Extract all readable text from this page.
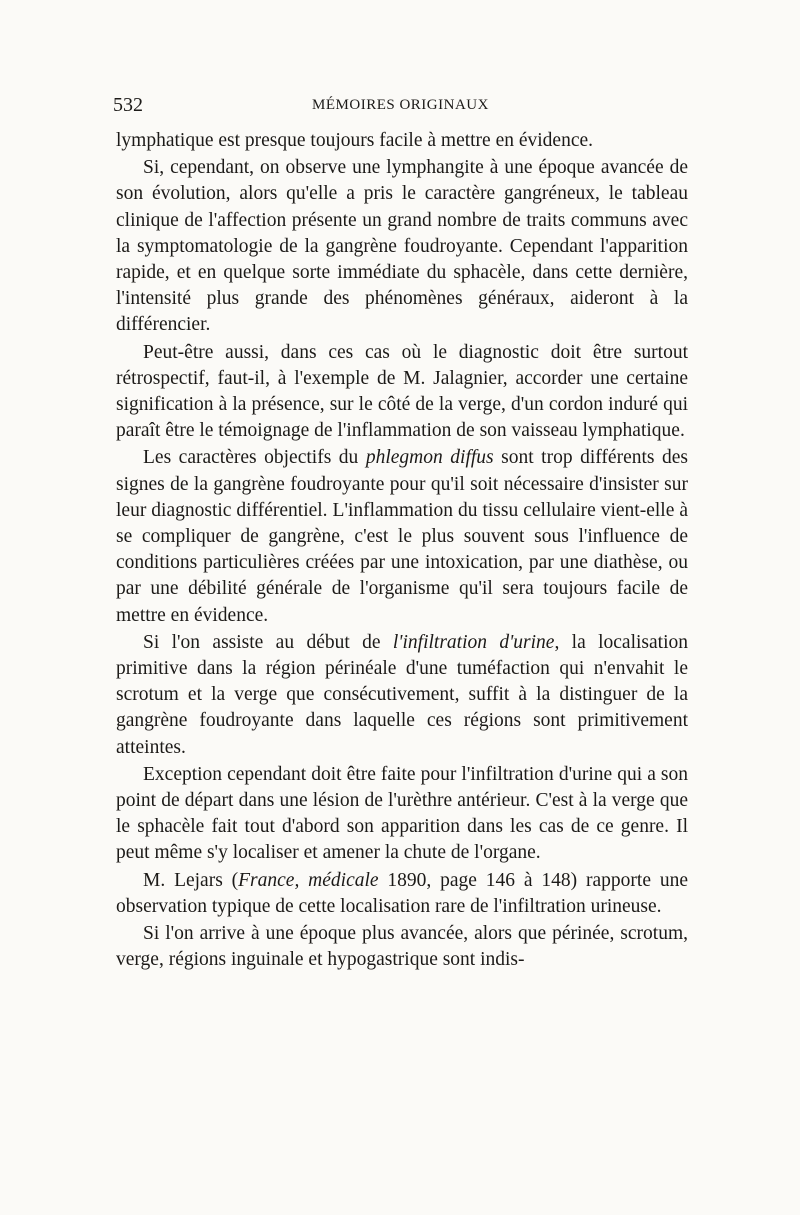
532	MÉMOIRES ORIGINAUX

lymphatique est presque toujours facile à mettre en évidence.

Si, cependant, on observe une lymphangite à une époque avancée de son évolution, alors qu'elle a pris le caractère gangréneux, le tableau clinique de l'affection présente un grand nombre de traits communs avec la symptomatologie de la gangrène foudroyante. Cependant l'apparition rapide, et en quelque sorte immédiate du sphacèle, dans cette dernière, l'intensité plus grande des phénomènes généraux, aideront à la différencier.

Peut-être aussi, dans ces cas où le diagnostic doit être surtout rétrospectif, faut-il, à l'exemple de M. Jalagnier, accorder une certaine signification à la présence, sur le côté de la verge, d'un cordon induré qui paraît être le témoignage de l'inflammation de son vaisseau lymphatique.

Les caractères objectifs du phlegmon diffus sont trop différents des signes de la gangrène foudroyante pour qu'il soit nécessaire d'insister sur leur diagnostic différentiel. L'inflammation du tissu cellulaire vient-elle à se compliquer de gangrène, c'est le plus souvent sous l'influence de conditions particulières créées par une intoxication, par une diathèse, ou par une débilité générale de l'organisme qu'il sera toujours facile de mettre en évidence.

Si l'on assiste au début de l'infiltration d'urine, la localisation primitive dans la région périnéale d'une tuméfaction qui n'envahit le scrotum et la verge que consécutivement, suffit à la distinguer de la gangrène foudroyante dans laquelle ces régions sont primitivement atteintes.

Exception cependant doit être faite pour l'infiltration d'urine qui a son point de départ dans une lésion de l'urèthre antérieur. C'est à la verge que le sphacèle fait tout d'abord son apparition dans les cas de ce genre. Il peut même s'y localiser et amener la chute de l'organe.

M. Lejars (France, médicale 1890, page 146 à 148) rapporte une observation typique de cette localisation rare de l'infiltration urineuse.

Si l'on arrive à une époque plus avancée, alors que périnée, scrotum, verge, régions inguinale et hypogastrique sont indis-
